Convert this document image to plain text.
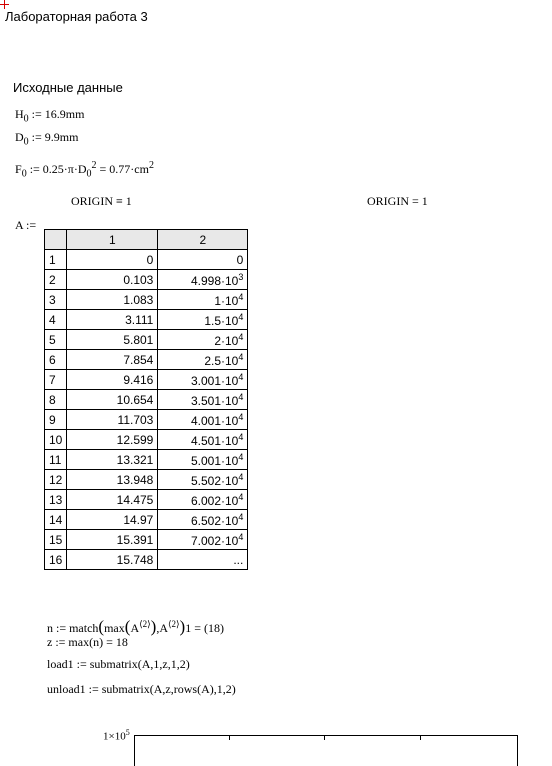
Лабораторная работа 3
Исходные данные
$H_0$ := 16.9mm
$D_0$ := 9.9mm
$F_0$ := $0.25\cdot\pi\cdot D_0^2 = 0.77\cdot cm^2$
ORIGIN ≡ 1	ORIGIN = 1
A :=
	1	2
1	0	0
2	0.103	$4.998\cdot 10^3$
3	1.083	$1\cdot 10^4$
4	3.111	$1.5\cdot 10^4$
5	5.801	$2\cdot 10^4$
6	7.854	$2.5\cdot 10^4$
7	9.416	$3.001\cdot 10^4$
8	10.654	$3.501\cdot 10^4$
9	11.703	$4.001\cdot 10^4$
10	12.599	$4.501\cdot 10^4$
11	13.321	$5.001\cdot 10^4$
12	13.948	$5.502\cdot 10^4$
13	14.475	$6.002\cdot 10^4$
14	14.97	$6.502\cdot 10^4$
15	15.391	$7.002\cdot 10^4$
16	15.748	...
n := $match(\max(A^{⟨2⟩}),A^{⟨2⟩})1 = (18)$
z := max(n) = 18
load1 := submatrix(A,1,z,1,2)
unload1 := submatrix(A,z,rows(A),1,2)
$1\times 10^5$
